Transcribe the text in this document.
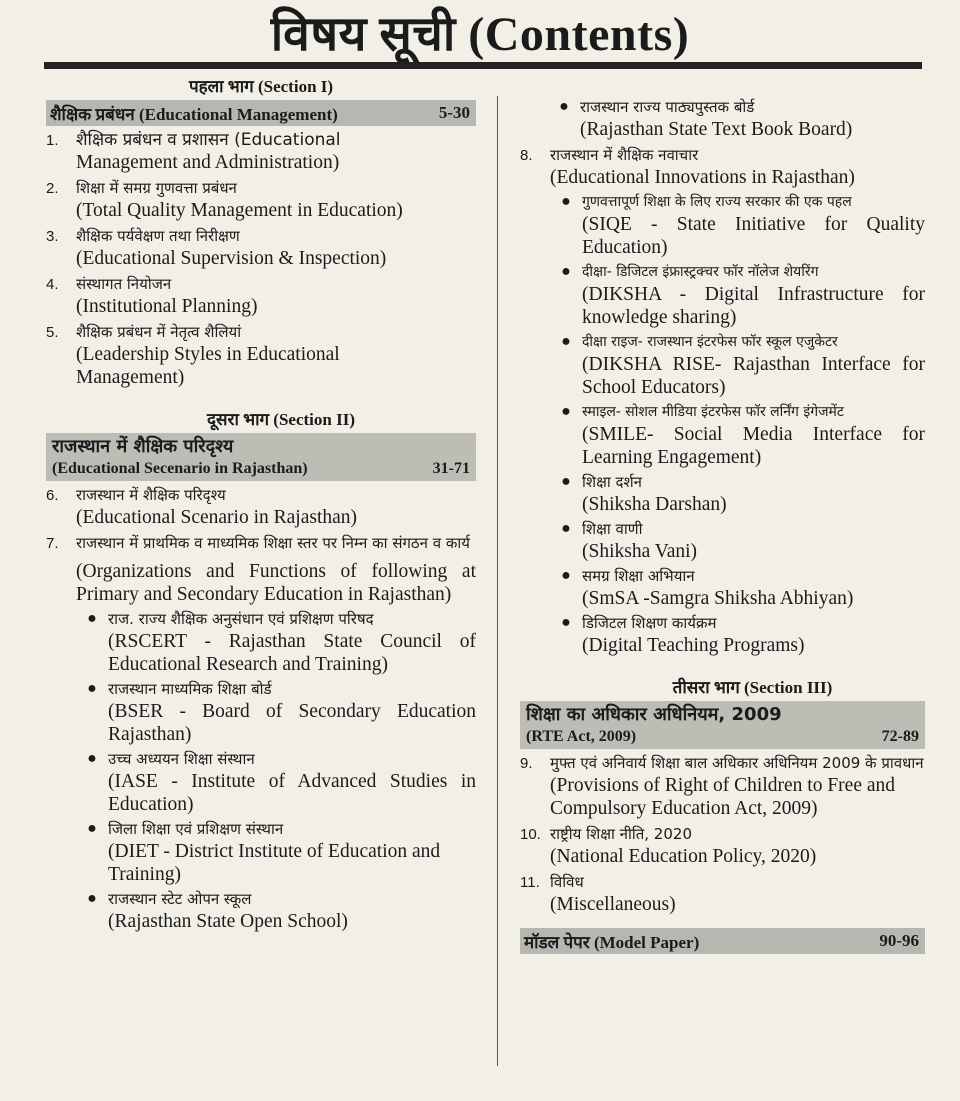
विषय सूची (Contents)
पहला भाग (Section I)
शैक्षिक प्रबंधन (Educational Management)	5-30
1.	शैक्षिक प्रबंधन व प्रशासन (Educational
Management and Administration)
2.	शिक्षा में समग्र गुणवत्ता प्रबंधन
(Total Quality Management in Education)
3.	शैक्षिक पर्यवेक्षण तथा निरीक्षण
(Educational Supervision & Inspection)
4.	संस्थागत नियोजन
(Institutional Planning)
5.	शैक्षिक प्रबंधन में नेतृत्व शैलियां
(Leadership Styles in Educational Management)
दूसरा भाग (Section II)
राजस्थान में शैक्षिक परिदृश्य
(Educational Secenario in Rajasthan)	31-71
6.	राजस्थान में शैक्षिक परिदृश्य
(Educational Scenario in Rajasthan)
7.	राजस्थान में प्राथमिक व माध्यमिक शिक्षा स्तर पर निम्न का संगठन व कार्य
(Organizations and Functions of following at Primary and Secondary Education in Rajasthan)
● राज. राज्य शैक्षिक अनुसंधान एवं प्रशिक्षण परिषद
(RSCERT - Rajasthan State Council of Educational Research and Training)
● राजस्थान माध्यमिक शिक्षा बोर्ड
(BSER - Board of Secondary Education Rajasthan)
● उच्च अध्ययन शिक्षा संस्थान
(IASE - Institute of Advanced Studies in Education)
● जिला शिक्षा एवं प्रशिक्षण संस्थान
(DIET - District Institute of Education and Training)
● राजस्थान स्टेट ओपन स्कूल
(Rajasthan State Open School)
● राजस्थान राज्य पाठ्यपुस्तक बोर्ड
(Rajasthan State Text Book Board)
8.	राजस्थान में शैक्षिक नवाचार
(Educational Innovations in Rajasthan)
● गुणवत्तापूर्ण शिक्षा के लिए राज्य सरकार की एक पहल
(SIQE - State Initiative for Quality Education)
● दीक्षा- डिजिटल इंफ्रास्ट्रक्चर फॉर नॉलेज शेयरिंग
(DIKSHA - Digital Infrastructure for knowledge sharing)
● दीक्षा राइज- राजस्थान इंटरफेस फॉर स्कूल एजुकेटर
(DIKSHA RISE- Rajasthan Interface for School Educators)
● स्माइल- सोशल मीडिया इंटरफेस फॉर लर्निंग इंगेजमेंट
(SMILE- Social Media Interface for Learning Engagement)
● शिक्षा दर्शन
(Shiksha Darshan)
● शिक्षा वाणी
(Shiksha Vani)
● समग्र शिक्षा अभियान
(SmSA -Samgra Shiksha Abhiyan)
● डिजिटल शिक्षण कार्यक्रम
(Digital Teaching Programs)
तीसरा भाग (Section III)
शिक्षा का अधिकार अधिनियम, 2009
(RTE Act, 2009)	72-89
9.	मुफ्त एवं अनिवार्य शिक्षा बाल अधिकार अधिनियम 2009 के प्रावधान
(Provisions of Right of Children to Free and Compulsory Education Act, 2009)
10. राष्ट्रीय शिक्षा नीति, 2020
(National Education Policy, 2020)
11. विविध
(Miscellaneous)
मॉडल पेपर (Model Paper)	90-96
